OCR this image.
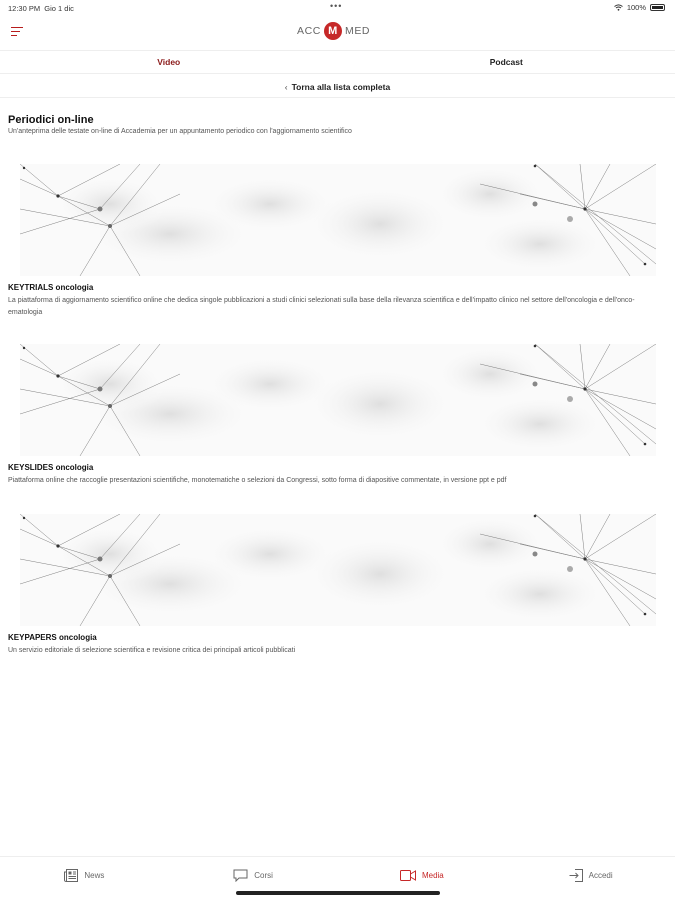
12:30 PM Gio 1 dic	•••	100%
ACC M MED
Video	Podcast
‹ Torna alla lista completa
Periodici on-line
Un'anteprima delle testate on-line di Accademia per un appuntamento periodico con l'aggiornamento scientifico
KEYTRIALS oncologia
La piattaforma di aggiornamento scientifico online che dedica singole pubblicazioni a studi clinici selezionati sulla base della rilevanza scientifica e dell'impatto clinico nel settore dell'oncologia e dell'onco-ematologia
KEYSLIDES oncologia
Piattaforma online che raccoglie presentazioni scientifiche, monotematiche o selezioni da Congressi, sotto forma di diapositive commentate, in versione ppt e pdf
KEYPAPERS oncologia
Un servizio editoriale di selezione scientifica e revisione critica dei principali articoli pubblicati
News	Corsi	Media	Accedi
